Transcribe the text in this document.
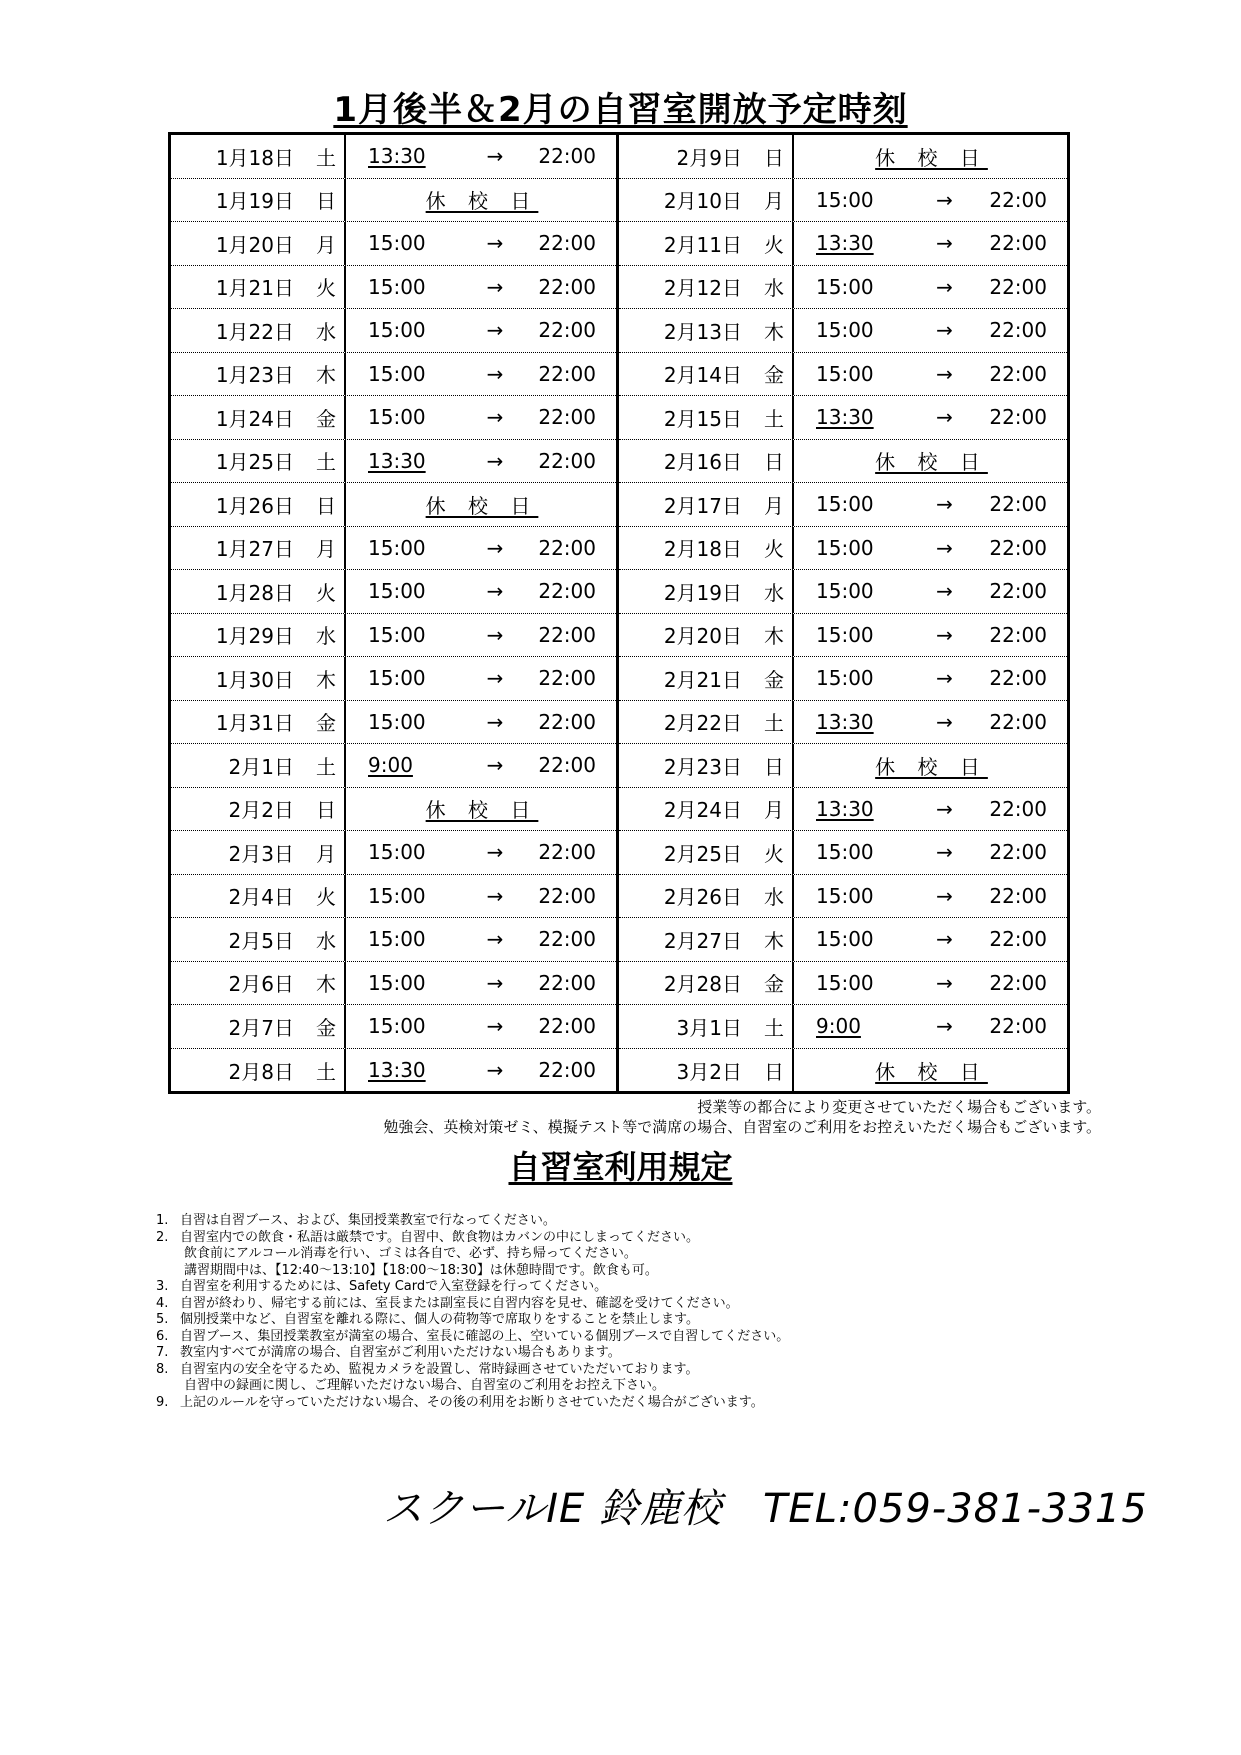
1月後半＆2月の自習室開放予定時刻
1月18日 土 13:30	→	22:00
1月19日 日	休 校 日
1月20日 月 15:00	→	22:00
1月21日 火 15:00	→	22:00
1月22日 水 15:00	→	22:00
1月23日 木 15:00	→	22:00
1月24日 金 15:00	→	22:00
1月25日 土 13:30	→	22:00
1月26日 日	休 校 日
1月27日 月 15:00	→	22:00
1月28日 火 15:00	→	22:00
1月29日 水 15:00	→	22:00
1月30日 木 15:00	→	22:00
1月31日 金 15:00	→	22:00
2月1日 土 9:00	→	22:00
2月2日 日	休 校 日
2月3日 月 15:00	→	22:00
2月4日 火 15:00	→	22:00
2月5日 水 15:00	→	22:00
2月6日 木 15:00	→	22:00
2月7日 金 15:00	→	22:00
2月8日 土 13:30	→	22:00
2月9日 日	休 校 日
2月10日 月 15:00	→	22:00
2月11日 火 13:30	→	22:00
2月12日 水 15:00	→	22:00
2月13日 木 15:00	→	22:00
2月14日 金 15:00	→	22:00
2月15日 土 13:30	→	22:00
2月16日 日	休 校 日
2月17日 月 15:00	→	22:00
2月18日 火 15:00	→	22:00
2月19日 水 15:00	→	22:00
2月20日 木 15:00	→	22:00
2月21日 金 15:00	→	22:00
2月22日 土 13:30	→	22:00
2月23日 日	休 校 日
2月24日 月 13:30	→	22:00
2月25日 火 15:00	→	22:00
2月26日 水 15:00	→	22:00
2月27日 木 15:00	→	22:00
2月28日 金 15:00	→	22:00
3月1日 土 9:00	→	22:00
3月2日 日	休 校 日
授業等の都合により変更させていただく場合もございます。
勉強会、英検対策ゼミ、模擬テスト等で満席の場合、自習室のご利用をお控えいただく場合もございます。
自習室利用規定
1. 自習は自習ブース、および、集団授業教室で行なってください。
2. 自習室内での飲食・私語は厳禁です。自習中、飲食物はカバンの中にしまってください。
飲食前にアルコール消毒を行い、ゴミは各自で、必ず、持ち帰ってください。
講習期間中は、【12:40～13:10】【18:00～18:30】は休憩時間です。飲食も可。
3. 自習室を利用するためには、Safety Cardで入室登録を行ってください。
4. 自習が終わり、帰宅する前には、室長または副室長に自習内容を見せ、確認を受けてください。
5. 個別授業中など、自習室を離れる際に、個人の荷物等で席取りをすることを禁止します。
6. 自習ブース、集団授業教室が満室の場合、室長に確認の上、空いている個別ブースで自習してください。
7. 教室内すべてが満席の場合、自習室がご利用いただけない場合もあります。
8. 自習室内の安全を守るため、監視カメラを設置し、常時録画させていただいております。
自習中の録画に関し、ご理解いただけない場合、自習室のご利用をお控え下さい。
9. 上記のルールを守っていただけない場合、その後の利用をお断りさせていただく場合がございます。
スクールIE 鈴鹿校　TEL:059-381-3315
